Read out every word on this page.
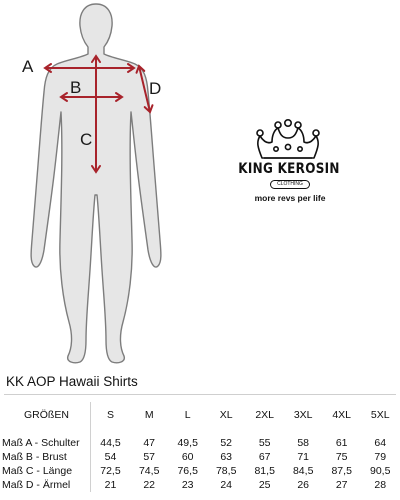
A
B
C
D
KING KEROSIN
CLOTHING
more revs per life
KK AOP Hawaii Shirts
GRÖßEN	S	M	L	XL	2XL	3XL	4XL	5XL
Maß A - Schulter	44,5	47	49,5	52	55	58	61	64
Maß B - Brust	54	57	60	63	67	71	75	79
Maß C - Länge	72,5	74,5	76,5	78,5	81,5	84,5	87,5	90,5
Maß D - Ärmel	21	22	23	24	25	26	27	28
